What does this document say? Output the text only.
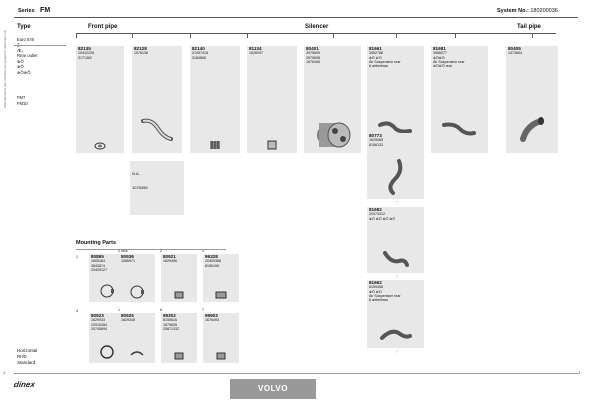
Manufacturer's part numbers are quoted for reference only
1	1
Series FM	System No.: 180200036
Front pipe	Silencer	Tail pipe
Type
Euro II/III
Æₙ
Rear outlet
⊗Ö
⊗Ö
⊗Ö⊗Ö
FM7
FM10
Horizontal
RHD
Standard
82135
20442226
3171362
82128
1076136
82140
21457418
3180865
81134
1626097
80401
3975609
3975698
1676406
81661
3962788
⊗Ö ⊗Ö
Air Suspension rear
6 airbellows
81681
3986077
⊗Ö⊗Ö
Air Suspension rear
⊗Ö⊗Ö rear
80405
1673664
N.A.
1078456
⋮
80773
1625065
8156133
⋮
81682
20374312
⊗Ö ⊗Ö ⊗Ö ⊗Ö
⋮
81662
8159458
⊗Ö ⊗Ö
Air Suspension rear
6 airbellows
⋮
Mounting Parts
1	80895
1605164
3843674
20409127
1 Incs
80936
1586971
2
80921
1629496
1
99328
20409368
8156106
4
80923
1629933
20910284
20745694
1
80925
1629345
6
99302
8155616
1679626
20871332
7
99903
1676493
dinex	VOLVO
